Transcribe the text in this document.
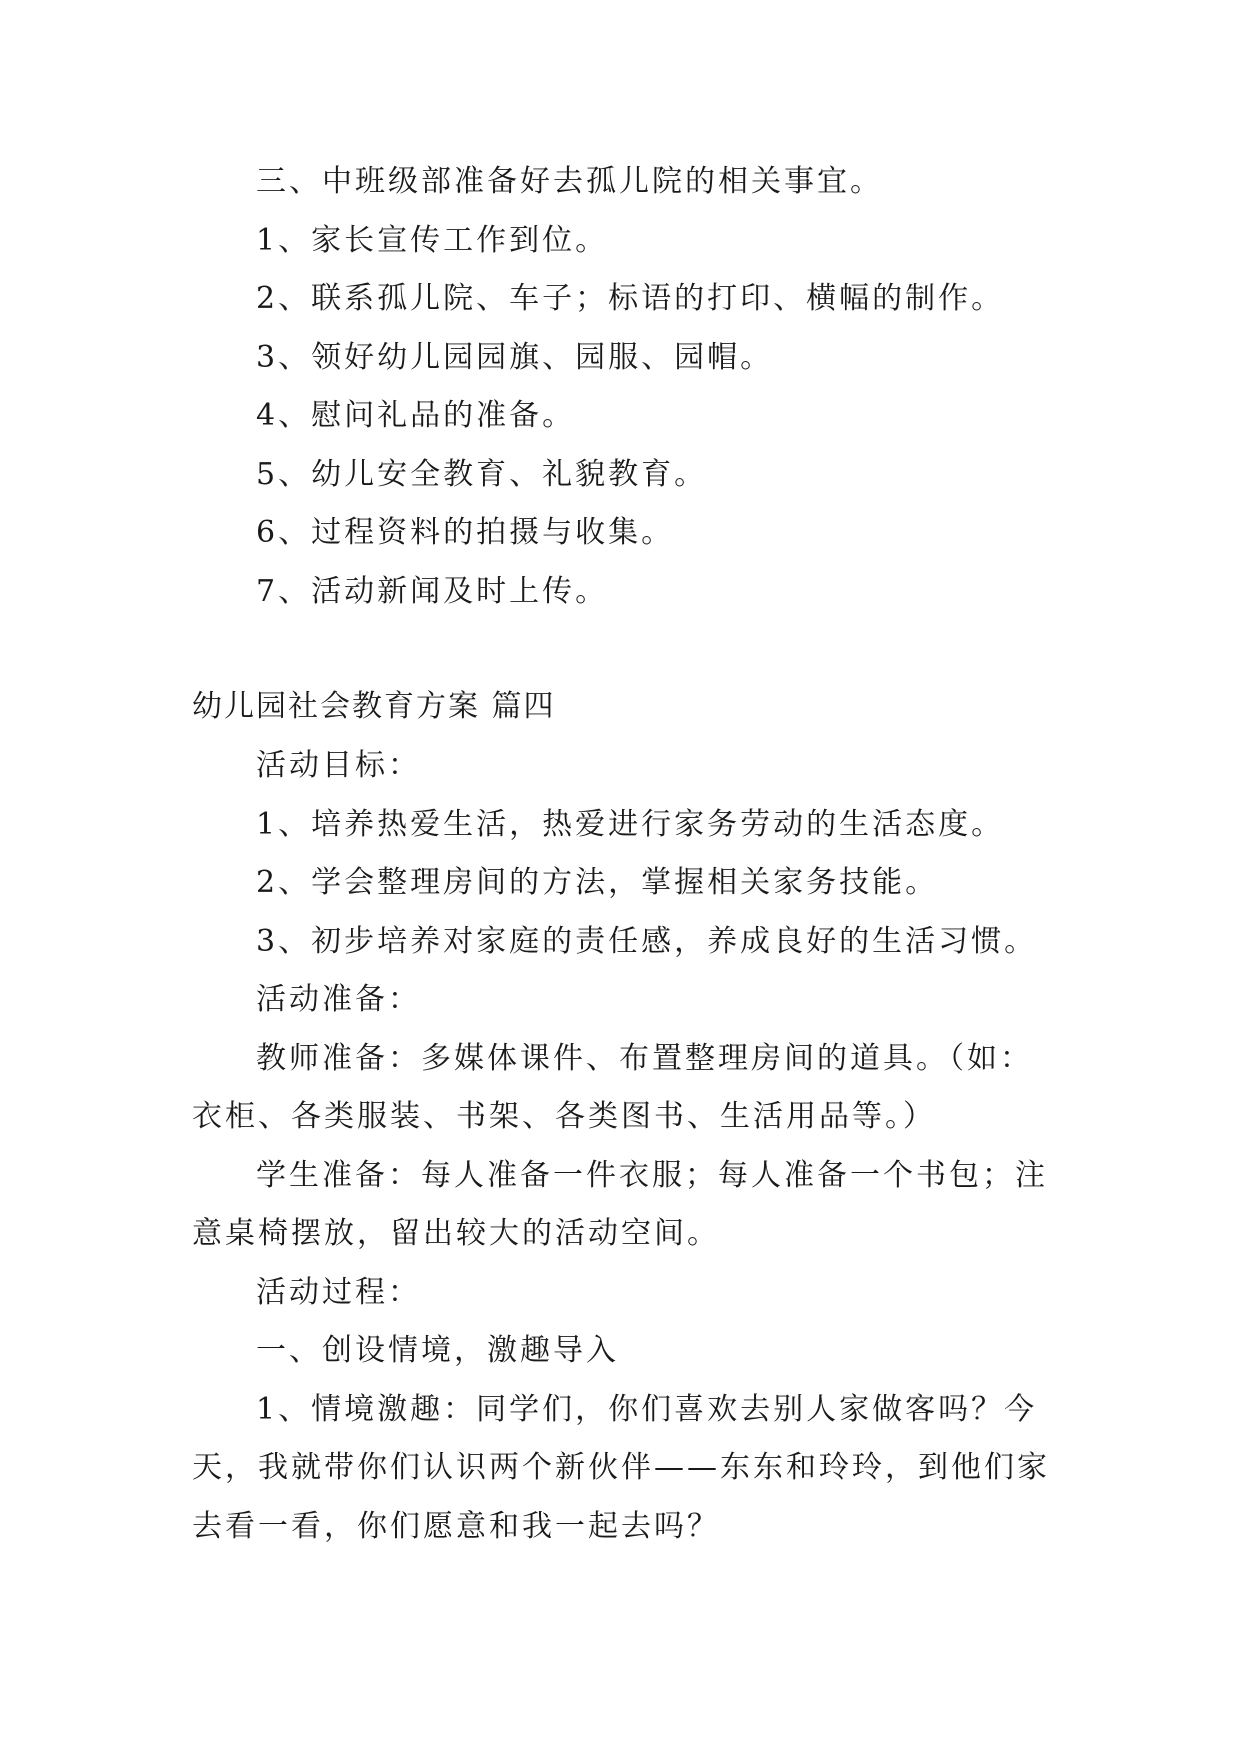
三、中班级部准备好去孤儿院的相关事宜。
1、家长宣传工作到位。
2、联系孤儿院、车子；标语的打印、横幅的制作。
3、领好幼儿园园旗、园服、园帽。
4、慰问礼品的准备。
5、幼儿安全教育、礼貌教育。
6、过程资料的拍摄与收集。
7、活动新闻及时上传。
幼儿园社会教育方案 篇四
活动目标：
1、培养热爱生活，热爱进行家务劳动的生活态度。
2、学会整理房间的方法，掌握相关家务技能。
3、初步培养对家庭的责任感，养成良好的生活习惯。
活动准备：
教师准备：多媒体课件、布置整理房间的道具。（如：
衣柜、各类服装、书架、各类图书、生活用品等。）
学生准备：每人准备一件衣服；每人准备一个书包；注
意桌椅摆放，留出较大的活动空间。
活动过程：
一、创设情境，激趣导入
1、情境激趣：同学们，你们喜欢去别人家做客吗？今
天，我就带你们认识两个新伙伴——东东和玲玲，到他们家
去看一看，你们愿意和我一起去吗？
